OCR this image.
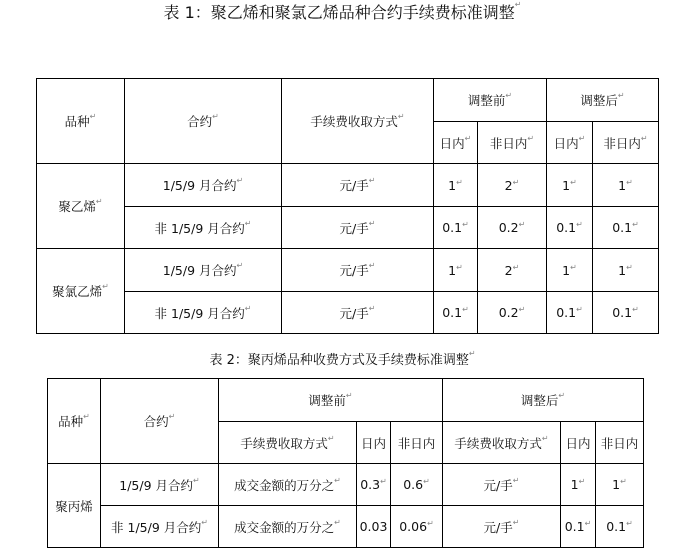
表 1：聚乙烯和聚氯乙烯品种合约手续费标准调整 ↵
品种 ↵	合约 ↵	手续费收取方式 ↵	调整前 ↵		调整后 ↵
			日内 ↵	非日内 ↵	日内 ↵	非日内 ↵
聚乙烯 ↵	1/5/9 月合约 ↵	元/手 ↵	1 ↵	2 ↵	1 ↵	1 ↵
	非 1/5/9 月合约 ↵	元/手 ↵	0.1 ↵	0.2 ↵	0.1 ↵	0.1 ↵
聚氯乙烯 ↵	1/5/9 月合约 ↵	元/手 ↵	1 ↵	2 ↵	1 ↵	1 ↵
	非 1/5/9 月合约 ↵	元/手 ↵	0.1 ↵	0.2 ↵	0.1 ↵	0.1 ↵
表 2：聚丙烯品种收费方式及手续费标准调整 ↵
品种 ↵	合约 ↵	调整前 ↵			调整后 ↵
		手续费收取方式 ↵	日内	非日内	手续费收取方式 ↵	日内	非日内
聚丙烯	1/5/9 月合约 ↵	成交金额的万分之 ↵	0.3 ↵	0.6 ↵	元/手 ↵	1 ↵	1 ↵
	非 1/5/9 月合约 ↵	成交金额的万分之 ↵	0.03	0.06 ↵	元/手 ↵	0.1 ↵	0.1 ↵
